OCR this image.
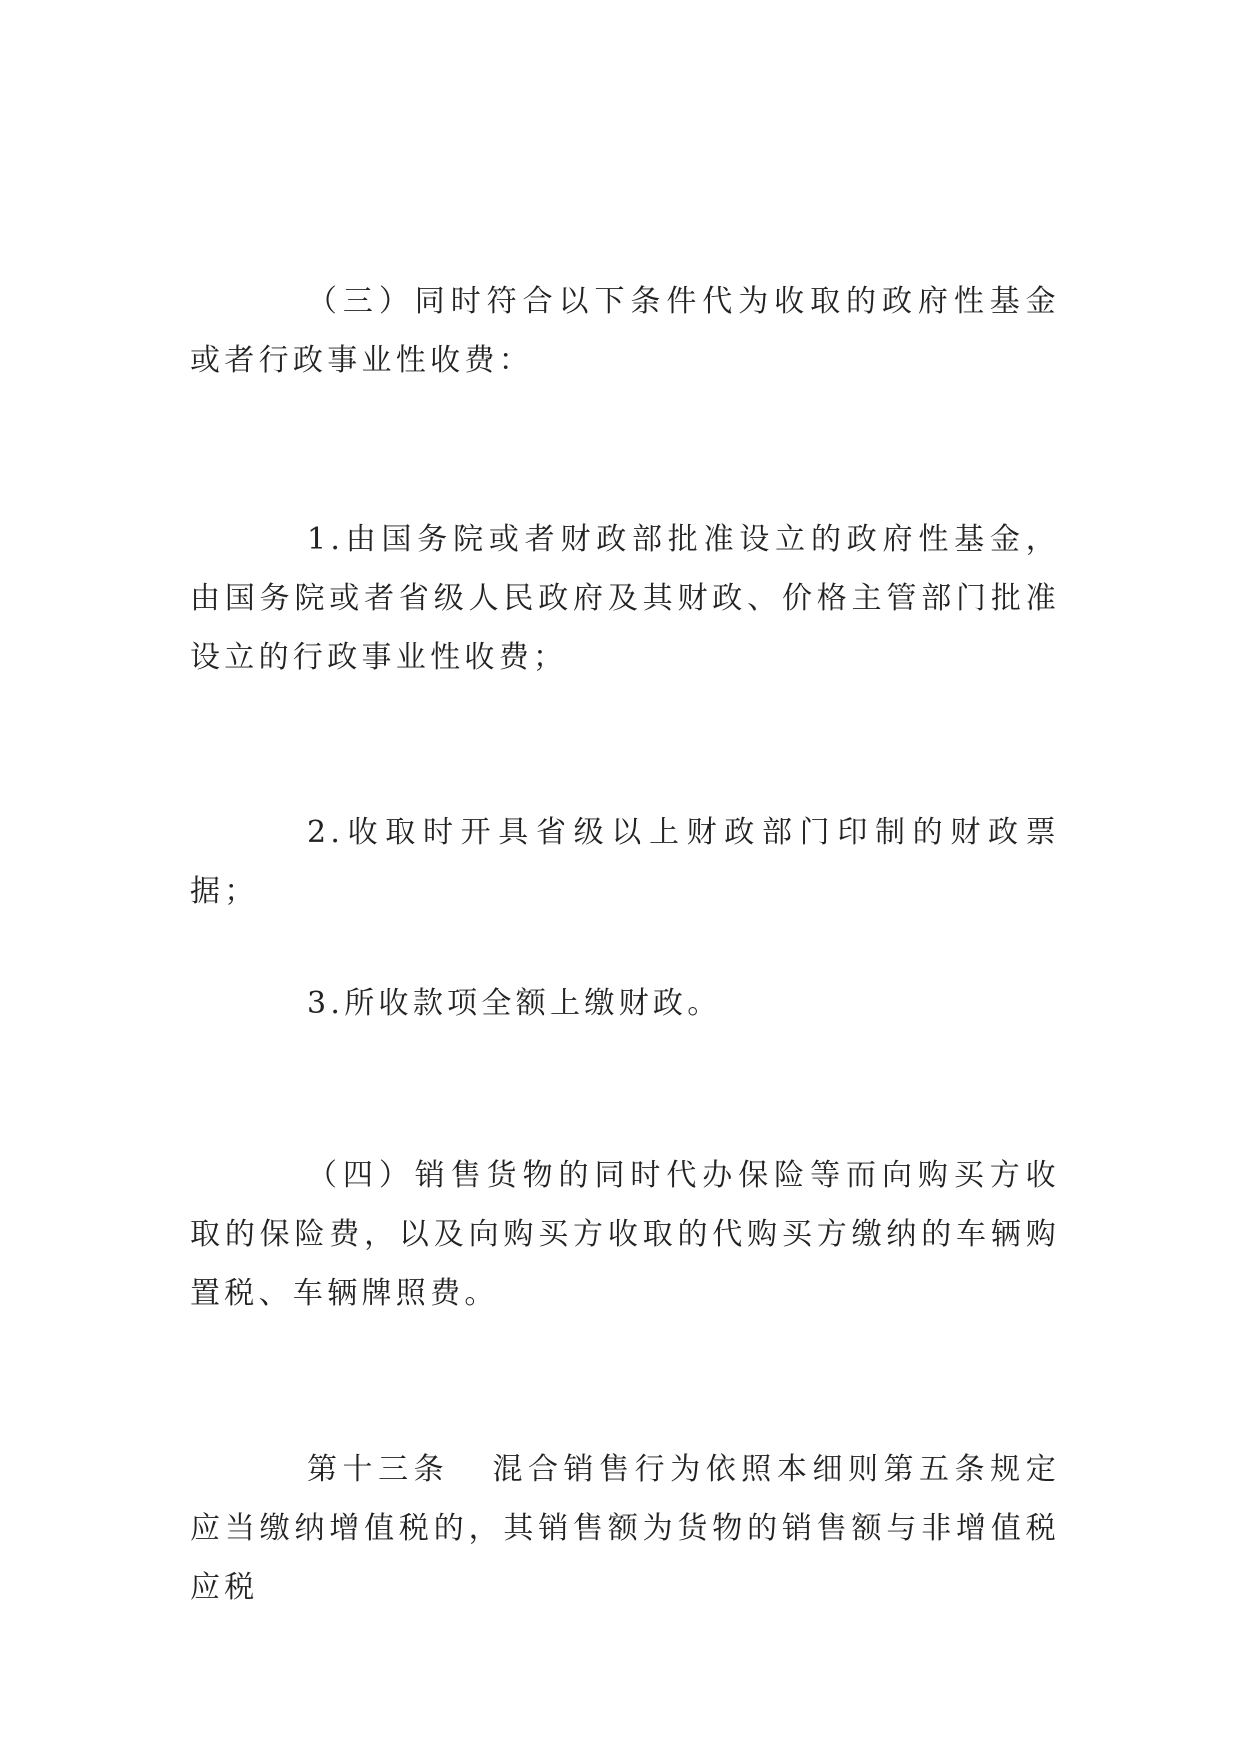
（三）同时符合以下条件代为收取的政府性基金或者行政事业性收费：

1.由国务院或者财政部批准设立的政府性基金，由国务院或者省级人民政府及其财政、价格主管部门批准设立的行政事业性收费；

2.收取时开具省级以上财政部门印制的财政票据；

3.所收款项全额上缴财政。

（四）销售货物的同时代办保险等而向购买方收取的保险费，以及向购买方收取的代购买方缴纳的车辆购置税、车辆牌照费。

第十三条 混合销售行为依照本细则第五条规定应当缴纳增值税的，其销售额为货物的销售额与非增值税应税
